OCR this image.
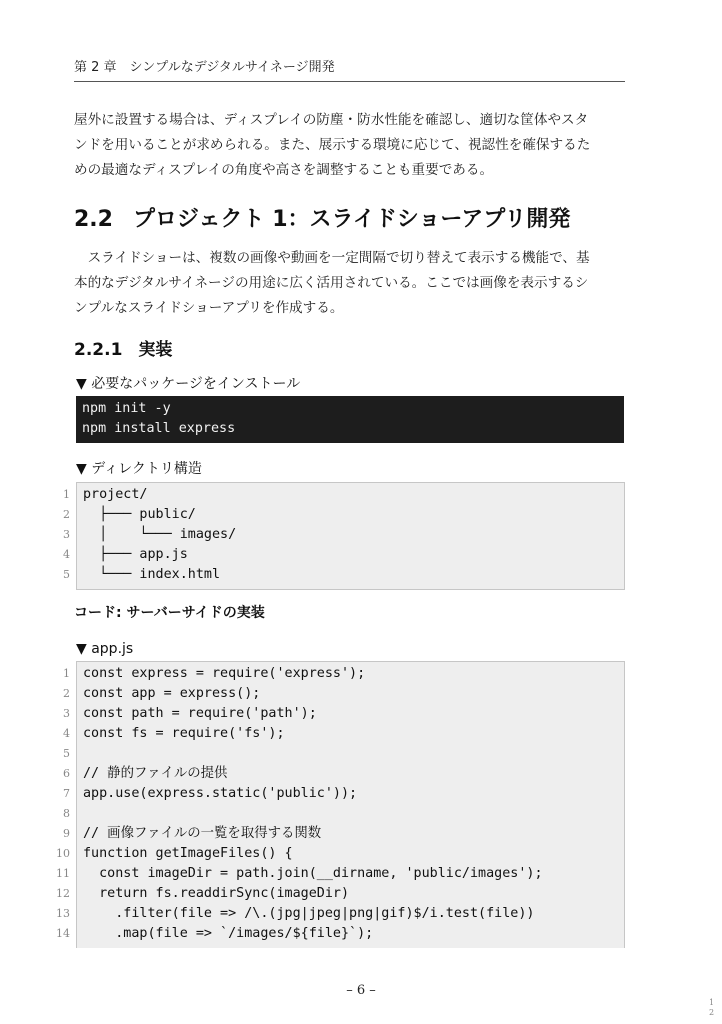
第 2 章　シンプルなデジタルサイネージ開発

屋外に設置する場合は、ディスプレイの防塵・防水性能を確認し、適切な筐体やスタ

ンドを用いることが求められる。また、展示する環境に応じて、視認性を確保するた

めの最適なディスプレイの角度や高さを調整することも重要である。

2.2 プロジェクト 1：スライドショーアプリ開発

　スライドショーは、複数の画像や動画を一定間隔で切り替えて表示する機能で、基

本的なデジタルサイネージの用途に広く活用されている。ここでは画像を表示するシ

ンプルなスライドショーアプリを作成する。

2.2.1 実装
▼ 必要なパッケージをインストール
npm init -y
npm install express
▼ ディレクトリ構造
1 project/
2 ├─── public/
3 │    └─── images/
4 ├─── app.js
5 └─── index.html
コード: サーバーサイドの実装
▼ app.js
1 const express = require('express');
2 const app = express();
3 const path = require('path');
4 const fs = require('fs');
5
6 // 静的ファイルの提供
7 app.use(express.static('public'));
8
9 // 画像ファイルの一覧を取得する関数
10 function getImageFiles() {
11 const imageDir = path.join(__dirname, 'public/images');
12 return fs.readdirSync(imageDir)
13 .filter(file => /\.(jpg|jpeg|png|gif)$/i.test(file))
14 .map(file => `/images/${file}`);
– 6 –
1
2
